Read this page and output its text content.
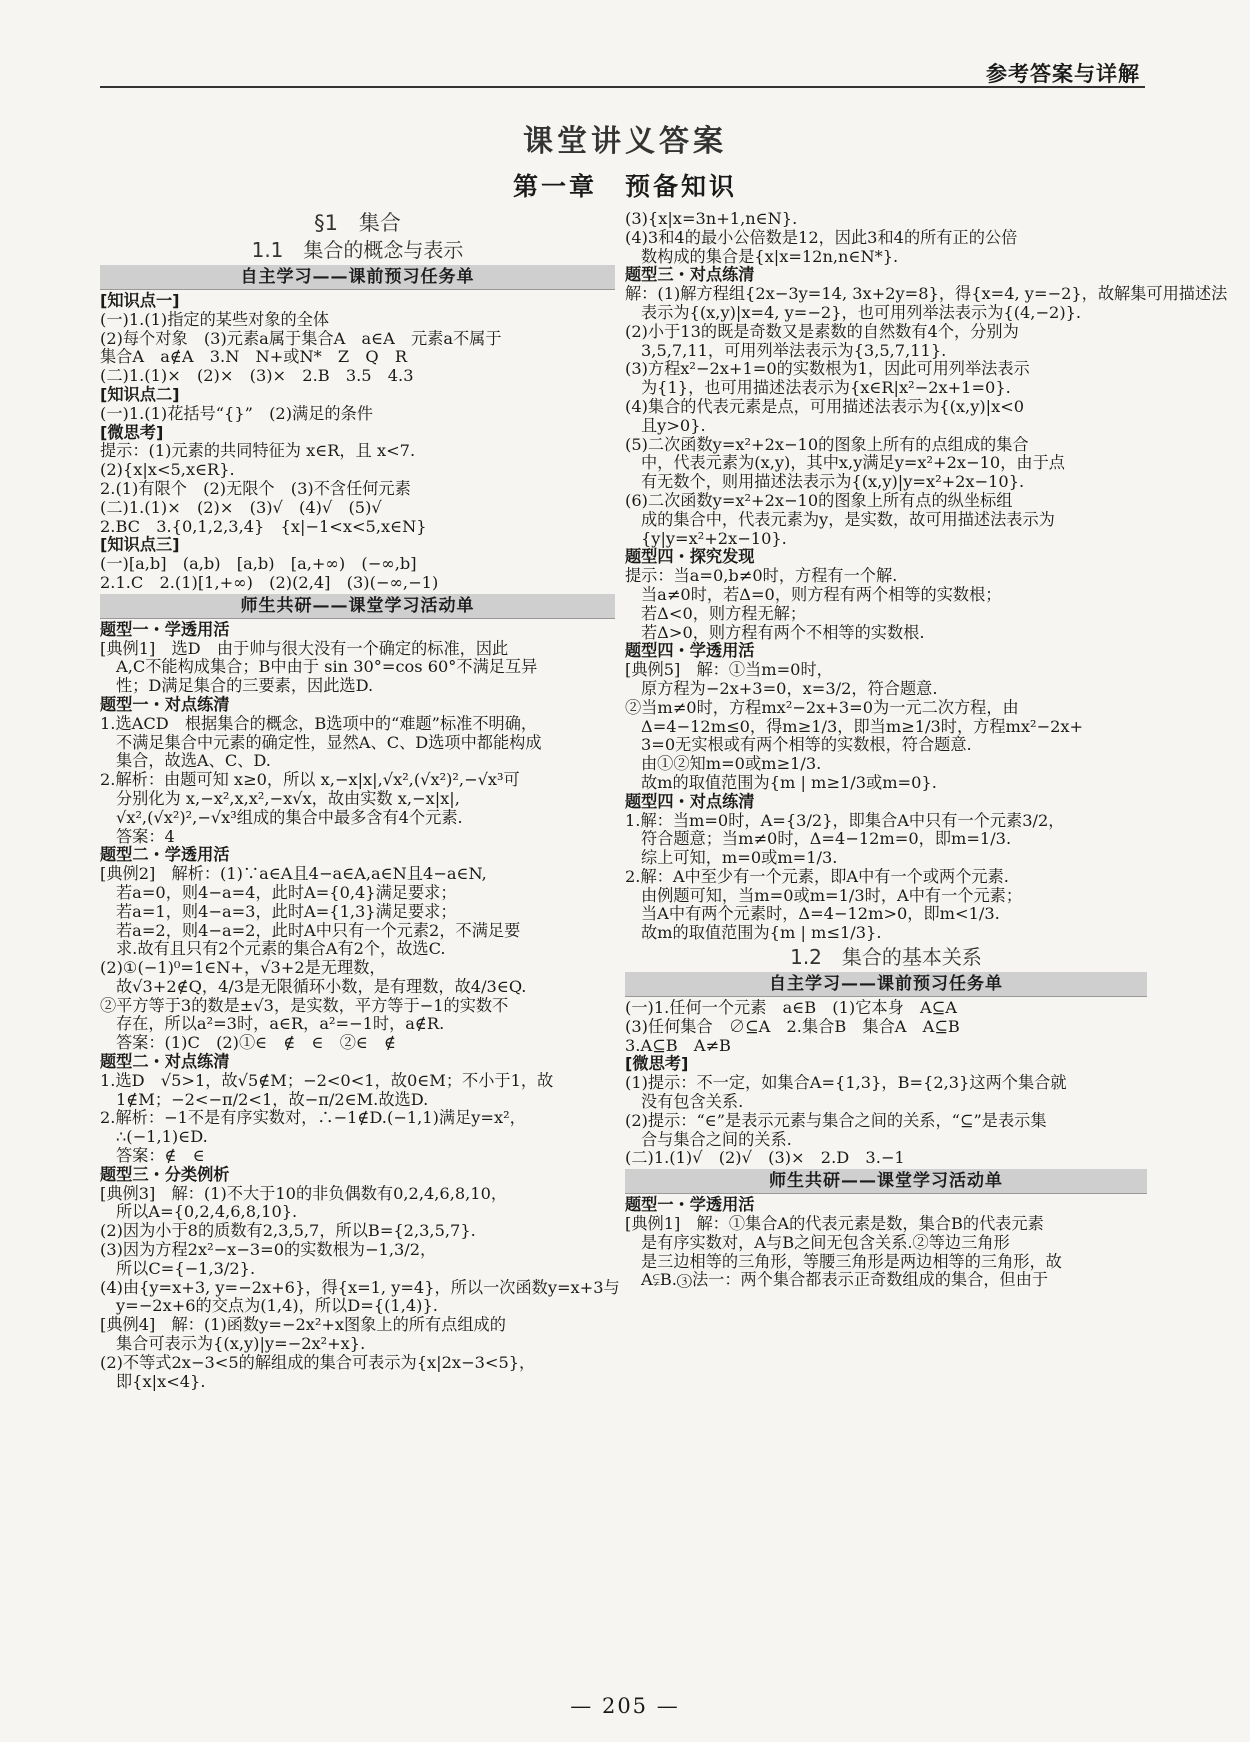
参考答案与详解
课堂讲义答案
第一章　预备知识
§1　集合
1.1　集合的概念与表示
自主学习——课前预习任务单
[知识点一]
(一)1.(1)指定的某些对象的全体
(2)每个对象　(3)元素a属于集合A　a∈A　元素a不属于
集合A　a∉A　3.N　N+或N*　Z　Q　R
(二)1.(1)×　(2)×　(3)×　2.B　3.5　4.3
[知识点二]
(一)1.(1)花括号“{}”　(2)满足的条件
[微思考]
提示：(1)元素的共同特征为 x∈R，且 x<7.
(2){x|x<5,x∈R}.
2.(1)有限个　(2)无限个　(3)不含任何元素
(二)1.(1)×　(2)×　(3)√　(4)√　(5)√
2.BC　3.{0,1,2,3,4}　{x|−1<x<5,x∈N}
[知识点三]
(一)[a,b]　(a,b)　[a,b)　[a,+∞)　(−∞,b]
2.1.C　2.(1)[1,+∞)　(2)(2,4]　(3)(−∞,−1)
师生共研——课堂学习活动单
题型一・学透用活
[典例1]　选D　由于帅与很大没有一个确定的标准，因此
A,C不能构成集合；B中由于 sin 30°=cos 60°不满足互异
性；D满足集合的三要素，因此选D.
题型一・对点练清
1.选ACD　根据集合的概念，B选项中的“难题”标准不明确，
不满足集合中元素的确定性，显然A、C、D选项中都能构成
集合，故选A、C、D.
2.解析：由题可知 x≥0，所以 x,−x|x|,√x²,(√x²)²,−√x³可
分别化为 x,−x²,x,x²,−x√x，故由实数 x,−x|x|,
√x²,(√x²)²,−√x³组成的集合中最多含有4个元素.
答案：4
题型二・学透用活
[典例2]　解析：(1)∵a∈A且4−a∈A,a∈N且4−a∈N,
若a=0，则4−a=4，此时A={0,4}满足要求；
若a=1，则4−a=3，此时A={1,3}满足要求；
若a=2，则4−a=2，此时A中只有一个元素2，不满足要
求.故有且只有2个元素的集合A有2个，故选C.
(2)①(−1)⁰=1∈N+，√3+2是无理数，
故√3+2∉Q，4/3是无限循环小数，是有理数，故4/3∈Q.
②平方等于3的数是±√3，是实数，平方等于−1的实数不
存在，所以a²=3时，a∈R，a²=−1时，a∉R.
答案：(1)C　(2)①∈　∉　∈　②∈　∉
题型二・对点练清
1.选D　√5>1，故√5∉M；−2<0<1，故0∈M；不小于1，故
1∉M；−2<−π/2<1，故−π/2∈M.故选D.
2.解析：−1不是有序实数对，∴−1∉D.(−1,1)满足y=x²，
∴(−1,1)∈D.
答案：∉　∈
题型三・分类例析
[典例3]　解：(1)不大于10的非负偶数有0,2,4,6,8,10，
所以A={0,2,4,6,8,10}.
(2)因为小于8的质数有2,3,5,7，所以B={2,3,5,7}.
(3)因为方程2x²−x−3=0的实数根为−1,3/2，
所以C={−1,3/2}.
(4)由{y=x+3, y=−2x+6}，得{x=1, y=4}，所以一次函数y=x+3与
y=−2x+6的交点为(1,4)，所以D={(1,4)}.
[典例4]　解：(1)函数y=−2x²+x图象上的所有点组成的
集合可表示为{(x,y)|y=−2x²+x}.
(2)不等式2x−3<5的解组成的集合可表示为{x|2x−3<5}，
即{x|x<4}.
(3){x|x=3n+1,n∈N}.
(4)3和4的最小公倍数是12，因此3和4的所有正的公倍
数构成的集合是{x|x=12n,n∈N*}.
题型三・对点练清
解：(1)解方程组{2x−3y=14, 3x+2y=8}，得{x=4, y=−2}，故解集可用描述法
表示为{(x,y)|x=4, y=−2}，也可用列举法表示为{(4,−2)}.
(2)小于13的既是奇数又是素数的自然数有4个，分别为
3,5,7,11，可用列举法表示为{3,5,7,11}.
(3)方程x²−2x+1=0的实数根为1，因此可用列举法表示
为{1}，也可用描述法表示为{x∈R|x²−2x+1=0}.
(4)集合的代表元素是点，可用描述法表示为{(x,y)|x<0
且y>0}.
(5)二次函数y=x²+2x−10的图象上所有的点组成的集合
中，代表元素为(x,y)，其中x,y满足y=x²+2x−10，由于点
有无数个，则用描述法表示为{(x,y)|y=x²+2x−10}.
(6)二次函数y=x²+2x−10的图象上所有点的纵坐标组
成的集合中，代表元素为y，是实数，故可用描述法表示为
{y|y=x²+2x−10}.
题型四・探究发现
提示：当a=0,b≠0时，方程有一个解.
当a≠0时，若Δ=0，则方程有两个相等的实数根；
若Δ<0，则方程无解；
若Δ>0，则方程有两个不相等的实数根.
题型四・学透用活
[典例5]　解：①当m=0时，
原方程为−2x+3=0，x=3/2，符合题意.
②当m≠0时，方程mx²−2x+3=0为一元二次方程，由
Δ=4−12m≤0，得m≥1/3，即当m≥1/3时，方程mx²−2x+
3=0无实根或有两个相等的实数根，符合题意.
由①②知m=0或m≥1/3.
故m的取值范围为{m | m≥1/3或m=0}.
题型四・对点练清
1.解：当m=0时，A={3/2}，即集合A中只有一个元素3/2，
符合题意；当m≠0时，Δ=4−12m=0，即m=1/3.
综上可知，m=0或m=1/3.
2.解：A中至少有一个元素，即A中有一个或两个元素.
由例题可知，当m=0或m=1/3时，A中有一个元素；
当A中有两个元素时，Δ=4−12m>0，即m<1/3.
故m的取值范围为{m | m≤1/3}.
1.2　集合的基本关系
自主学习——课前预习任务单
(一)1.任何一个元素　a∈B　(1)它本身　A⊆A
(3)任何集合　∅⊆A　2.集合B　集合A　A⊆B
3.A⊆B　A≠B
[微思考]
(1)提示：不一定，如集合A={1,3}，B={2,3}这两个集合就
没有包含关系.
(2)提示：“∈”是表示元素与集合之间的关系，“⊆”是表示集
合与集合之间的关系.
(二)1.(1)√　(2)√　(3)×　2.D　3.−1
师生共研——课堂学习活动单
题型一・学透用活
[典例1]　解：①集合A的代表元素是数，集合B的代表元素
是有序实数对，A与B之间无包含关系.②等边三角形
是三边相等的三角形，等腰三角形是两边相等的三角形，故
A⫋B.③法一：两个集合都表示正奇数组成的集合，但由于
— 205 —
